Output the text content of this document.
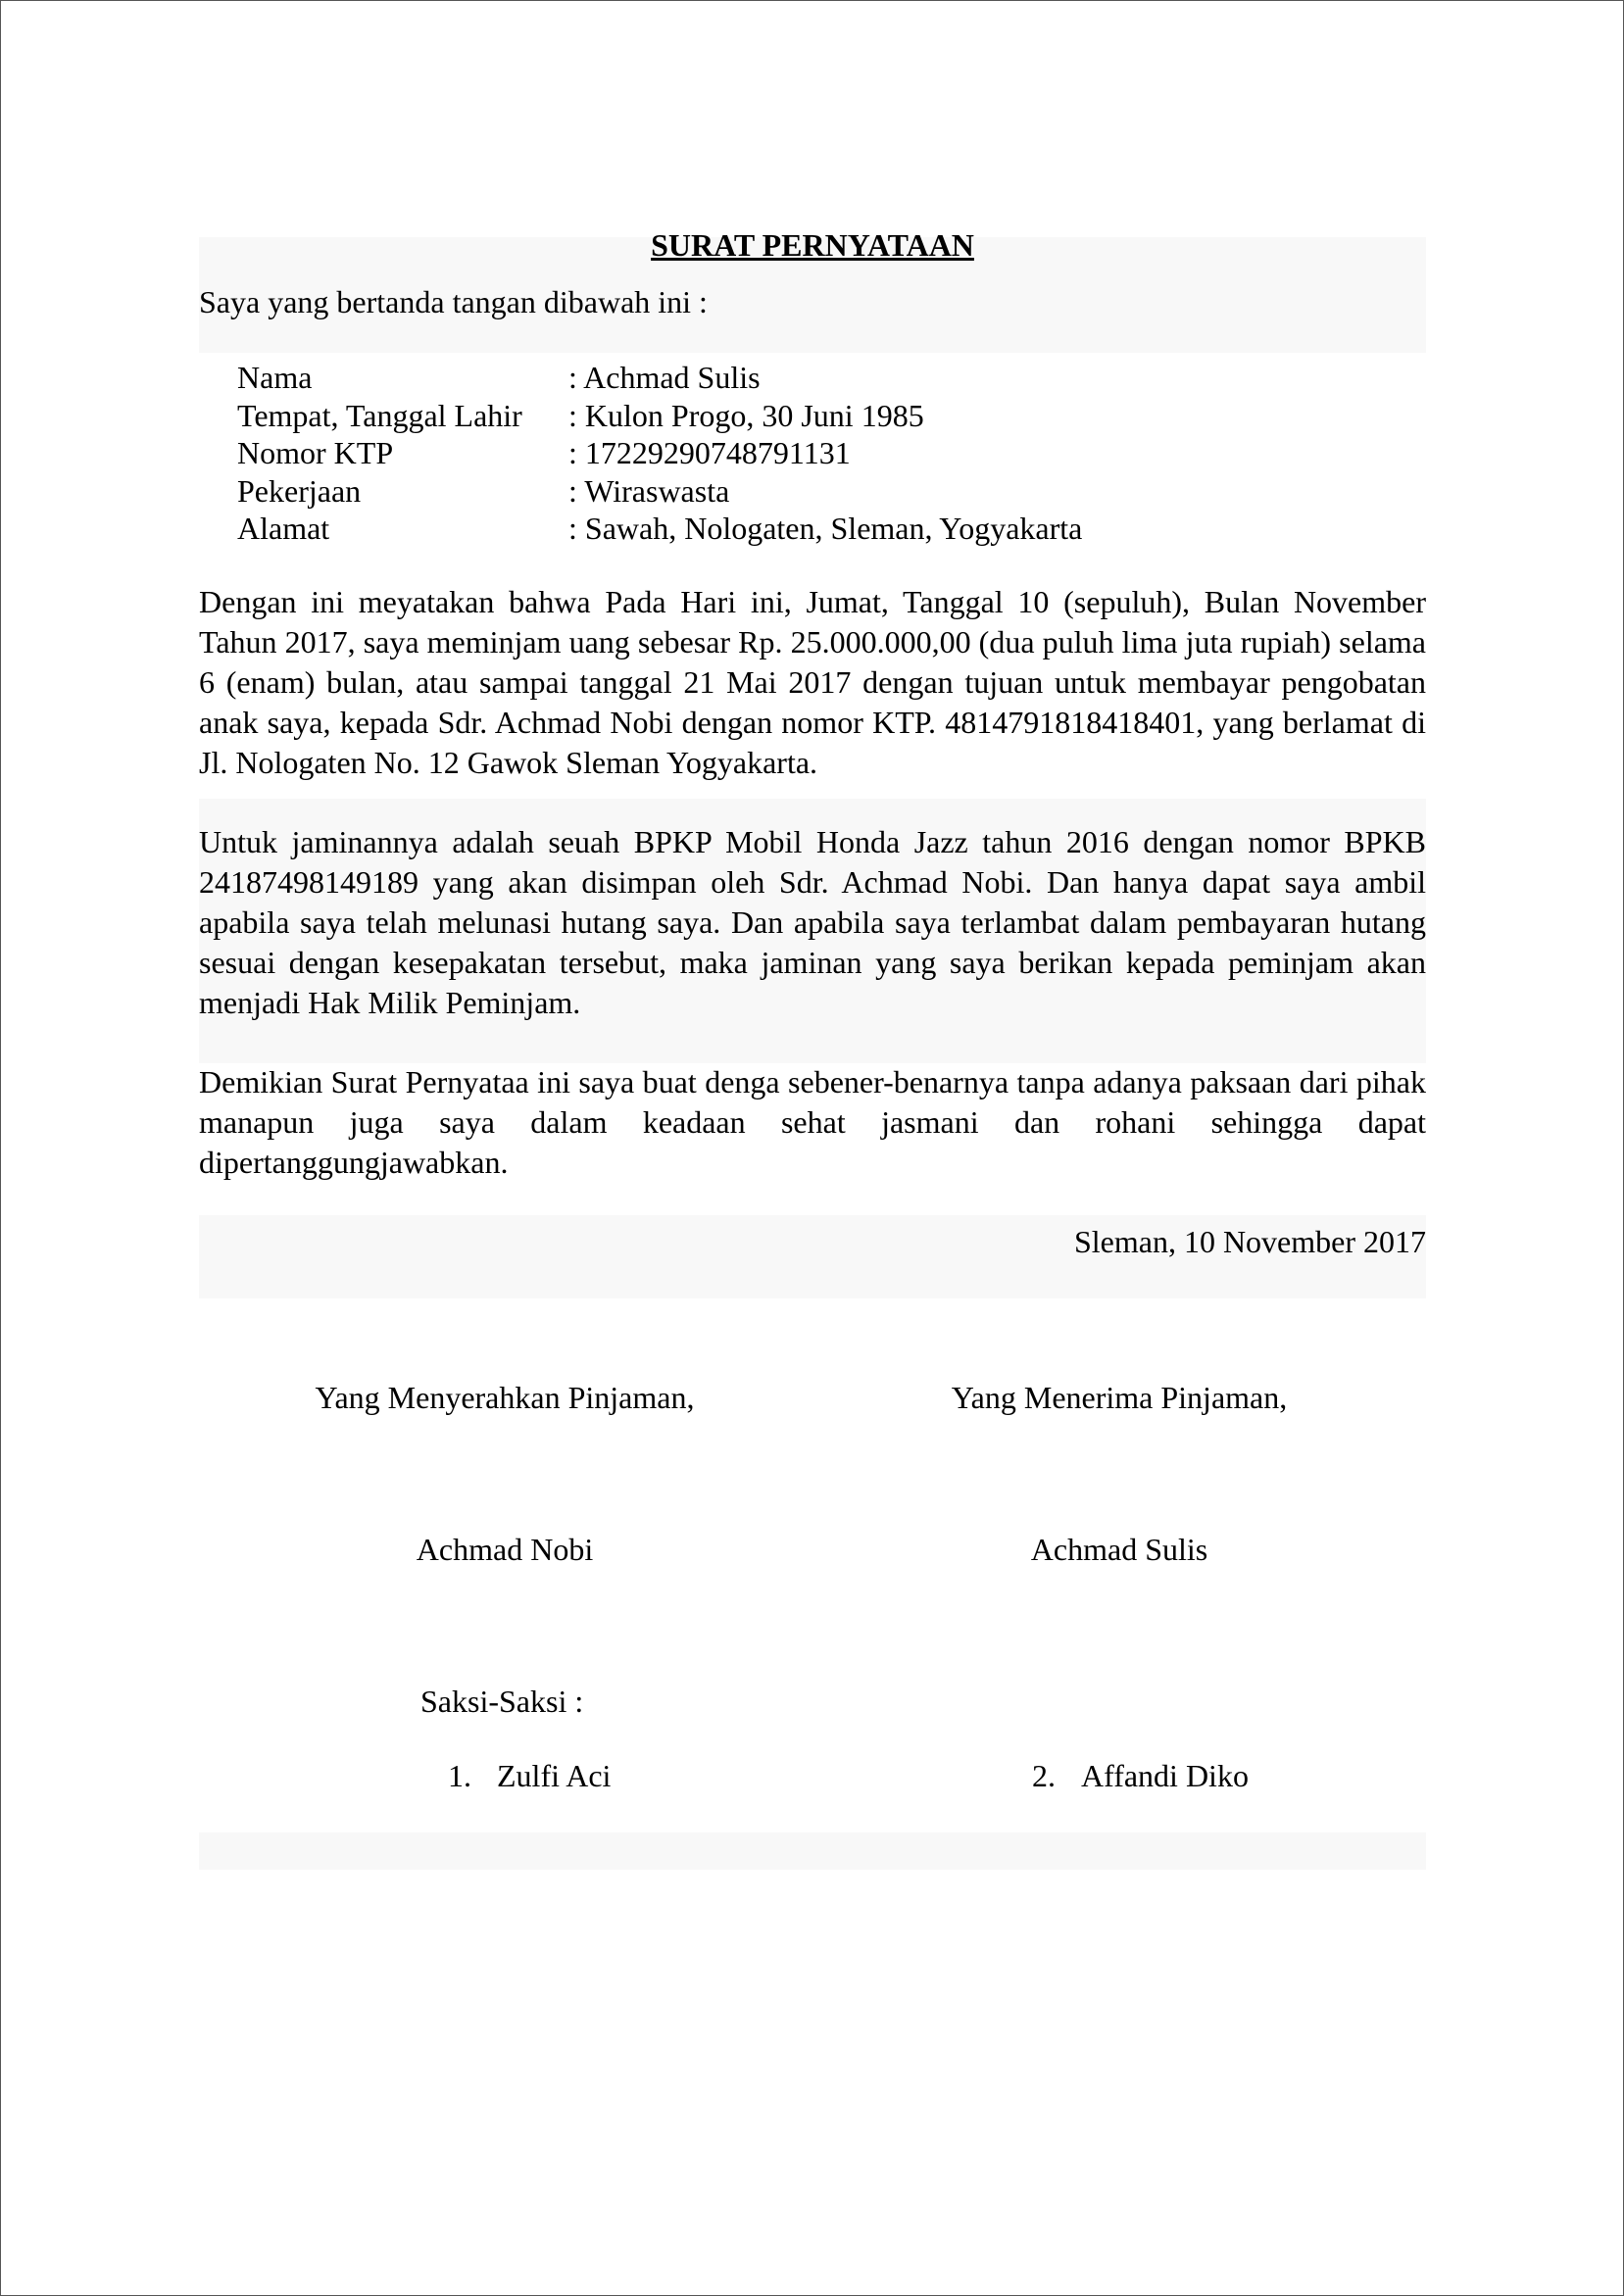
SURAT PERNYATAAN

Saya yang bertanda tangan dibawah ini :

Nama	: Achmad Sulis
Tempat, Tanggal Lahir	: Kulon Progo, 30 Juni 1985
Nomor KTP	: 17229290748791131
Pekerjaan	: Wiraswasta
Alamat	: Sawah, Nologaten, Sleman, Yogyakarta

Dengan ini meyatakan bahwa Pada Hari ini, Jumat, Tanggal 10 (sepuluh), Bulan November Tahun 2017, saya meminjam uang sebesar Rp. 25.000.000,00 (dua puluh lima juta rupiah) selama 6 (enam) bulan, atau sampai tanggal 21 Mai 2017 dengan tujuan untuk membayar pengobatan anak saya, kepada Sdr. Achmad Nobi dengan nomor KTP. 4814791818418401, yang berlamat di Jl. Nologaten No. 12 Gawok Sleman Yogyakarta.

Untuk jaminannya adalah seuah BPKP Mobil Honda Jazz tahun 2016 dengan nomor BPKB 24187498149189 yang akan disimpan oleh Sdr. Achmad Nobi. Dan hanya dapat saya ambil apabila saya telah melunasi hutang saya. Dan apabila saya terlambat dalam pembayaran hutang sesuai dengan kesepakatan tersebut, maka jaminan yang saya berikan kepada peminjam akan menjadi Hak Milik Peminjam.

Demikian Surat Pernyataa ini saya buat denga sebener-benarnya tanpa adanya paksaan dari pihak manapun juga saya dalam keadaan sehat jasmani dan rohani sehingga dapat dipertanggungjawabkan.

Sleman, 10 November 2017

Yang Menyerahkan Pinjaman,
Achmad Nobi
Yang Menerima Pinjaman,
Achmad Sulis
Saksi-Saksi :
1. Zulfi Aci	2. Affandi Diko
